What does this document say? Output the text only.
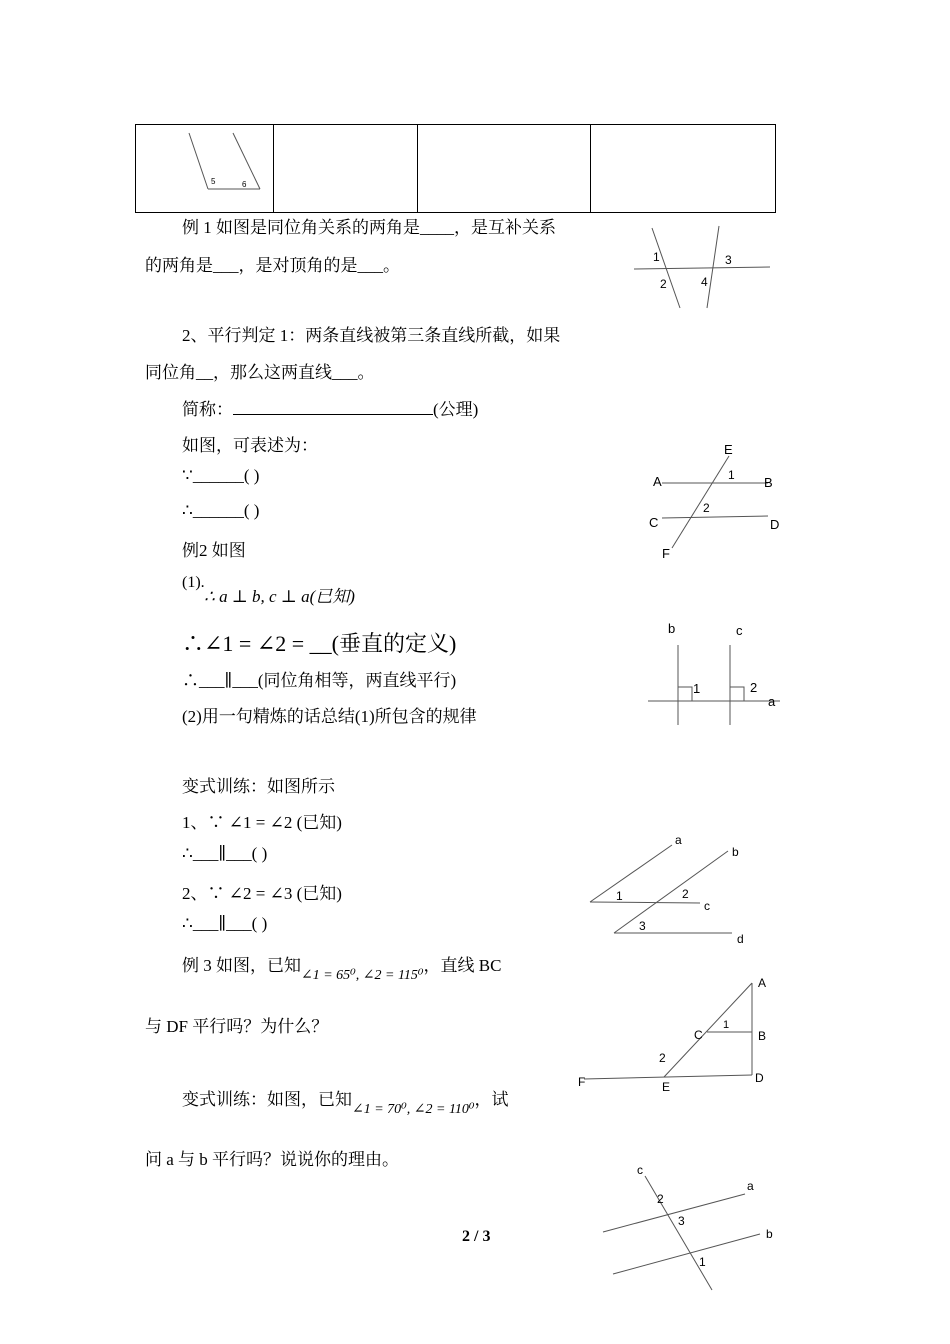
5	6

例 1 如图是同位角关系的两角是____，是互补关系
的两角是___，是对顶角的是___。	1
2
3
4
2、平行判定 1：两条直线被第三条直线所截，如果
同位角__，那么这两直线___。
简称：	(公理)
如图，可表述为：
∵______( )
∴______( )
E
1
A	B
2
C	D
F
例2 如图
(1).
∴ a ⊥ b, c ⊥ a(已知)
∴∠1 = ∠2 = __(垂直的定义)
∴___∥___(同位角相等，两直线平行)
(2)用一句精炼的话总结(1)所包含的规律
b	c
1	2
a
变式训练：如图所示
1、∵ ∠1 = ∠2 (已知)
∴___∥___( )
2、∵ ∠2 = ∠3 (已知)
∴___∥___( )
a
b
1	2
c
3
d
例 3 如图，已知$_{\angle 1 = 65^0, \angle 2 = 115^0}$，直线 BC
与 DF 平行吗？为什么？
A
C
1
B
2
F	E
D
变式训练：如图，已知$_{\angle 1 = 70^0, \angle 2 = 110^0}$，试
问 a 与 b 平行吗？说说你的理由。
c
a
2
3
b
1
2 / 3
